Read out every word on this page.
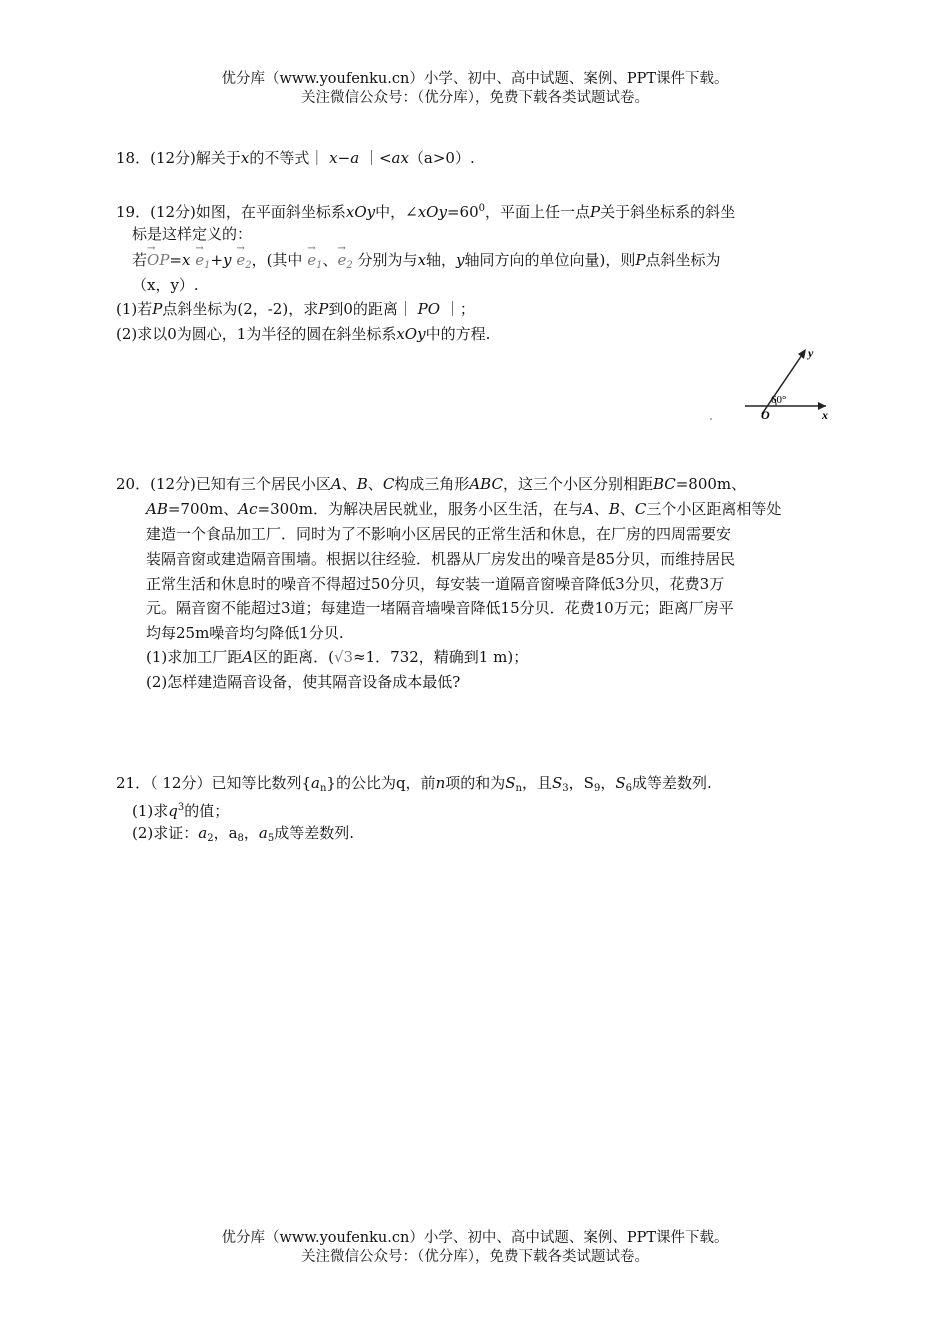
优分库（www.youfenku.cn）小学、初中、高中试题、案例、PPT课件下载。
关注微信公众号：（优分库），免费下载各类试题试卷。
18．(12分)解关于x的不等式｜ x−a ｜<ax（a>0）.
19．(12分)如图，在平面斜坐标系xOy中，$\angle xOy=60^0$，平面上任一点P关于斜坐标系的斜坐
标是这样定义的：
若→ $OP=x \to e_1+y \to e_2$，(其中 → $e_1$、→ $e_2$ 分别为与x轴，y轴同方向的单位向量)，则P点斜坐标为
（x，y）.
(1)若P点斜坐标为(2，-2)，求P到0的距离｜ PO ｜；
(2)求以0为圆心，1为半径的圆在斜坐标系xOy中的方程.
y
x
O
60°
20．(12分)已知有三个居民小区A、B、C构成三角形ABC，这三个小区分别相距BC=800m、
AB=700m、Ac=300m．为解决居民就业，服务小区生活，在与A、B、C三个小区距离相等处
建造一个食品加工厂．同时为了不影响小区居民的正常生活和休息，在厂房的四周需要安
装隔音窗或建造隔音围墙。根据以往经验．机器从厂房发出的噪音是85分贝，而维持居民
正常生活和休息时的噪音不得超过50分贝，每安装一道隔音窗噪音降低3分贝，花费3万
元。隔音窗不能超过3道；每建造一堵隔音墙噪音降低15分贝．花费10万元；距离厂房平
均每25m噪音均匀降低1分贝.
(1)求加工厂距A区的距离．(√3≈1．732，精确到1 m)；
(2)怎样建造隔音设备，使其隔音设备成本最低?
21．（ 12分）已知等比数列$\{a_n\}$的公比为q，前n项的和为$S_n$，且$S_3$，$S_9$，$S_6$成等差数列.
(1)求$q^3$的值；
(2)求证：$a_2$，$a_8$，$a_5$成等差数列.
优分库（www.youfenku.cn）小学、初中、高中试题、案例、PPT课件下载。
关注微信公众号：（优分库），免费下载各类试题试卷。
